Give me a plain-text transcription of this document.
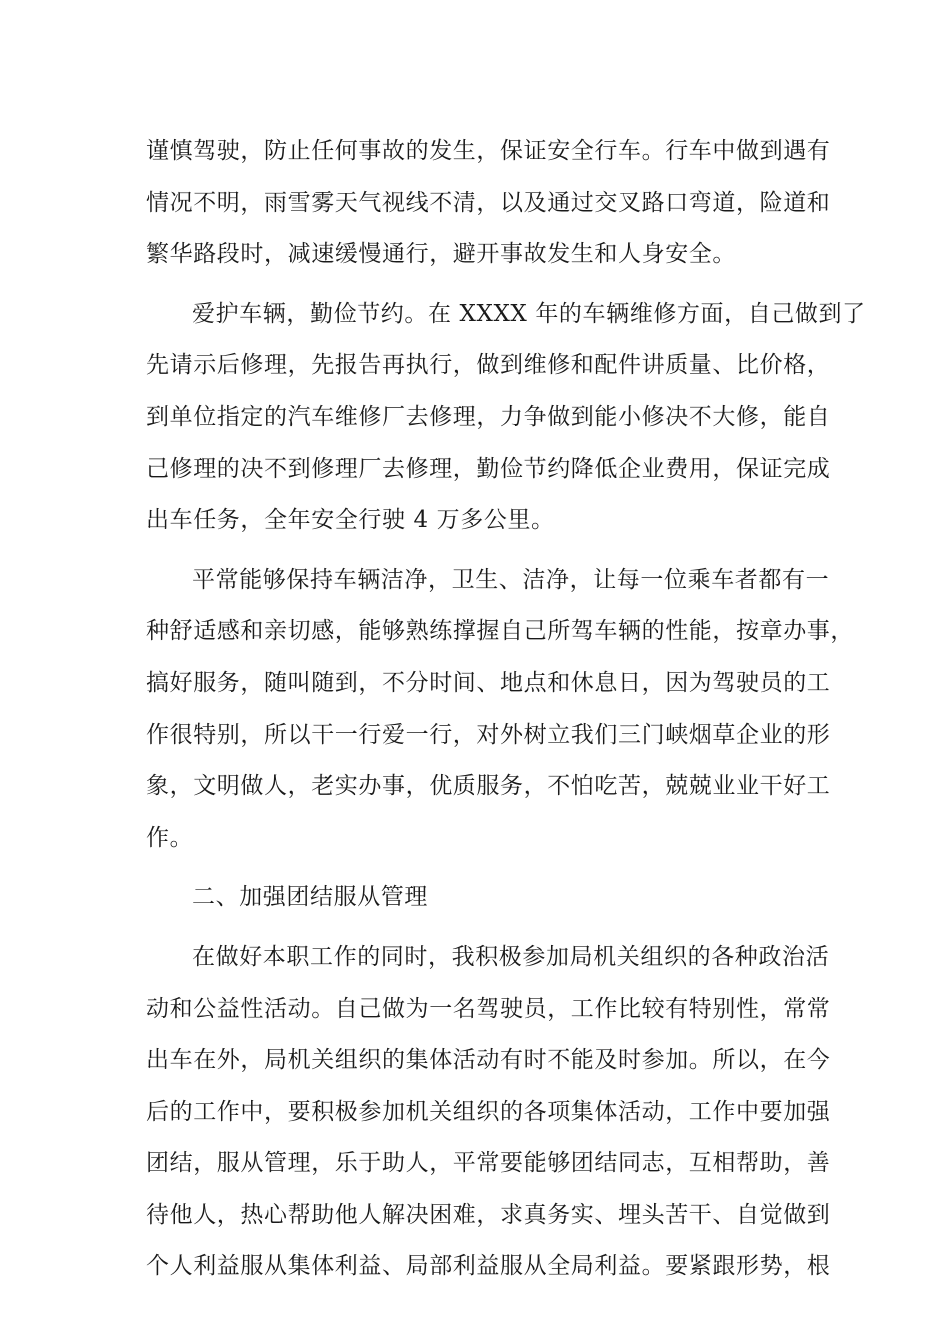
谨慎驾驶，防止任何事故的发生，保证安全行车。行车中做到遇有
情况不明，雨雪雾天气视线不清，以及通过交叉路口弯道，险道和
繁华路段时，减速缓慢通行，避开事故发生和人身安全。
爱护车辆，勤俭节约。在 XXXX 年的车辆维修方面，自己做到了
先请示后修理，先报告再执行，做到维修和配件讲质量、比价格，
到单位指定的汽车维修厂去修理，力争做到能小修决不大修，能自
己修理的决不到修理厂去修理，勤俭节约降低企业费用，保证完成
出车任务，全年安全行驶 4 万多公里。
平常能够保持车辆洁净，卫生、洁净，让每一位乘车者都有一
种舒适感和亲切感，能够熟练撑握自己所驾车辆的性能，按章办事，
搞好服务，随叫随到，不分时间、地点和休息日，因为驾驶员的工
作很特别，所以干一行爱一行，对外树立我们三门峡烟草企业的形
象，文明做人，老实办事，优质服务，不怕吃苦，兢兢业业干好工
作。
二、加强团结服从管理
在做好本职工作的同时，我积极参加局机关组织的各种政治活
动和公益性活动。自己做为一名驾驶员，工作比较有特别性，常常
出车在外，局机关组织的集体活动有时不能及时参加。所以，在今
后的工作中，要积极参加机关组织的各项集体活动，工作中要加强
团结，服从管理，乐于助人，平常要能够团结同志，互相帮助，善
待他人，热心帮助他人解决困难，求真务实、埋头苦干、自觉做到
个人利益服从集体利益、局部利益服从全局利益。要紧跟形势，根
